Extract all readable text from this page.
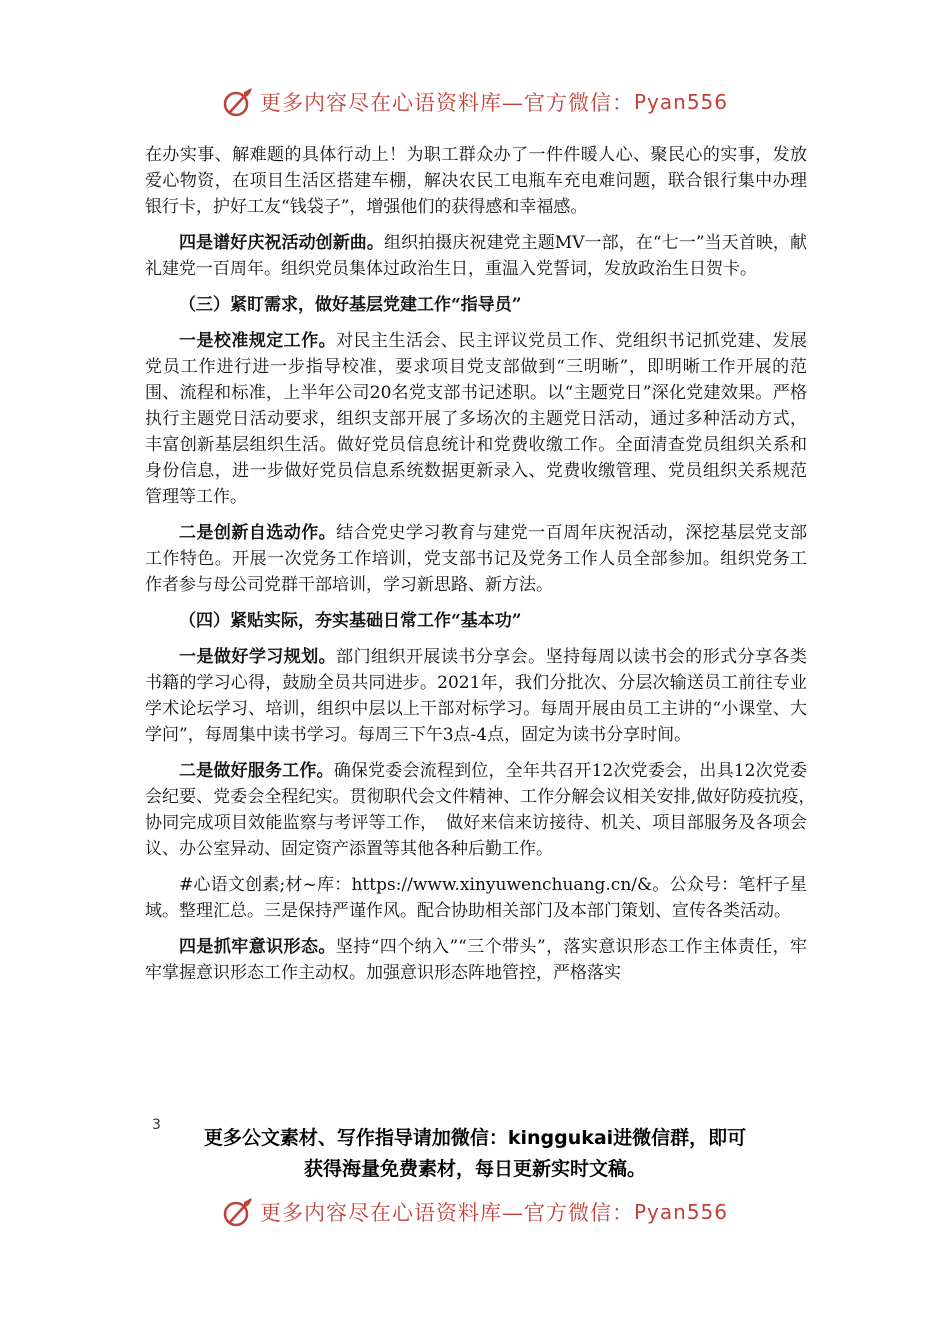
更多内容尽在心语资料库—官方微信： Pyan556

在办实事、解难题的具体行动上！为职工群众办了一件件暖人心、聚民心的实事，发放爱心物资，在项目生活区搭建车棚，解决农民工电瓶车充电难问题，联合银行集中办理银行卡，护好工友“钱袋子”，增强他们的获得感和幸福感。

四是谱好庆祝活动创新曲。组织拍摄庆祝建党主题MV一部，在“七一”当天首映，献礼建党一百周年。组织党员集体过政治生日，重温入党誓词，发放政治生日贺卡。

（三）紧盯需求，做好基层党建工作“指导员”

一是校准规定工作。对民主生活会、民主评议党员工作、党组织书记抓党建、发展党员工作进行进一步指导校准，要求项目党支部做到“三明晰”，即明晰工作开展的范围、流程和标准，上半年公司20名党支部书记述职。以“主题党日”深化党建效果。严格执行主题党日活动要求，组织支部开展了多场次的主题党日活动，通过多种活动方式，丰富创新基层组织生活。做好党员信息统计和党费收缴工作。全面清查党员组织关系和身份信息，进一步做好党员信息系统数据更新录入、党费收缴管理、党员组织关系规范管理等工作。

二是创新自选动作。结合党史学习教育与建党一百周年庆祝活动，深挖基层党支部工作特色。开展一次党务工作培训，党支部书记及党务工作人员全部参加。组织党务工作者参与母公司党群干部培训，学习新思路、新方法。

（四）紧贴实际，夯实基础日常工作“基本功”

一是做好学习规划。部门组织开展读书分享会。坚持每周以读书会的形式分享各类书籍的学习心得，鼓励全员共同进步。2021年，我们分批次、分层次输送员工前往专业学术论坛学习、培训，组织中层以上干部对标学习。每周开展由员工主讲的“小课堂、大学问”，每周集中读书学习。每周三下午3点-4点，固定为读书分享时间。

二是做好服务工作。确保党委会流程到位，全年共召开12次党委会，出具12次党委会纪要、党委会全程纪实。贯彻职代会文件精神、工作分解会议相关安排,做好防疫抗疫，　协同完成项目效能监察与考评等工作，　做好来信来访接待、机关、项目部服务及各项会议、办公室异动、固定资产添置等其他各种后勤工作。

#心语文创素;材~库：https://www.xinyuwenchuang.cn/&。公众号：笔杆子星域。整理汇总。三是保持严谨作风。配合协助相关部门及本部门策划、宣传各类活动。

四是抓牢意识形态。坚持“四个纳入”“三个带头”，落实意识形态工作主体责任，牢牢掌握意识形态工作主动权。加强意识形态阵地管控，严格落实

3
更多公文素材、写作指导请加微信：kinggukai进微信群，即可
获得海量免费素材，每日更新实时文稿。
更多内容尽在心语资料库—官方微信： Pyan556
